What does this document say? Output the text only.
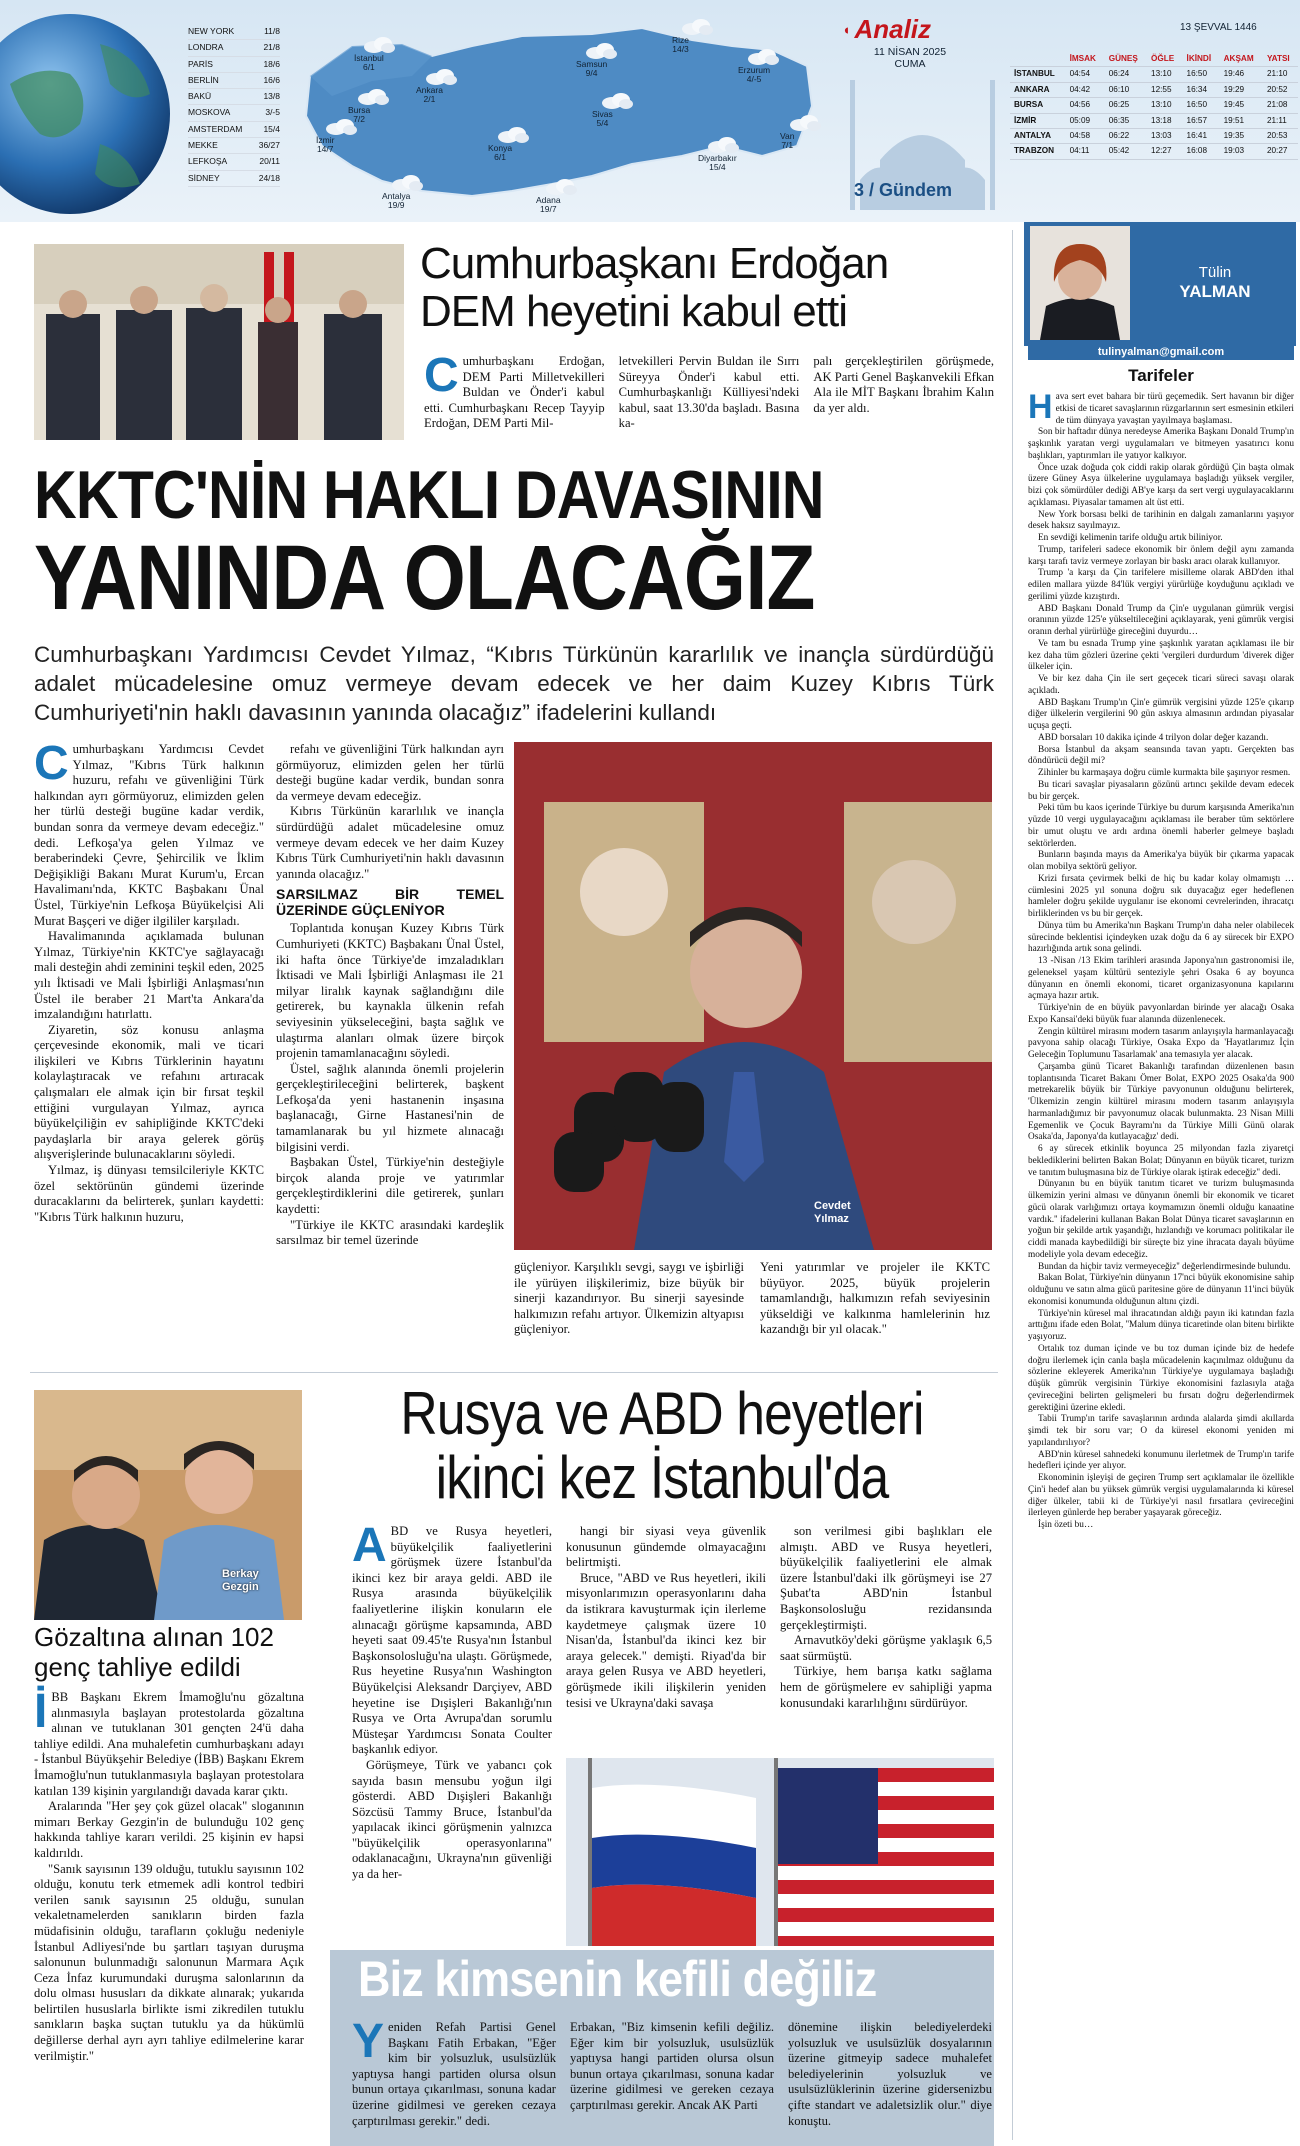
NEW YORK	11/8
LONDRA	21/8
PARİS	18/6
BERLİN	16/6
BAKÜ	13/8
MOSKOVA	3/-5
AMSTERDAM 15/4
MEKKE	36/27
LEFKOŞA	20/11
SİDNEY	24/18
İstanbul
6/1
Ankara
2/1
Bursa
7/2
İzmir
14/7
Antalya
19/9
Konya
6/1
Adana
19/7
Samsun
9/4
Sivas
5/4
Rize
14/3
Erzurum
4/-5
Van
7/1
Diyarbakır
15/4
◖ Analiz
11 NİSAN 2025
CUMA
13 ŞEVVAL 1446
3 / Gündem
	İMSAK	GÜNEŞ	ÖĞLE	İKİNDİ	AKŞAM	YATSI
İSTANBUL	04:54	06:24	13:10	16:50	19:46	21:10
ANKARA	04:42	06:10	12:55	16:34	19:29	20:52
BURSA	04:56	06:25	13:10	16:50	19:45	21:08
İZMİR	05:09	06:35	13:18	16:57	19:51	21:11
ANTALYA	04:58	06:22	13:03	16:41	19:35	20:53
TRABZON	04:11	05:42	12:27	16:08	19:03	20:27
Cumhurbaşkanı Erdoğan
DEM heyetini kabul etti
Cumhurbaşkanı Erdoğan, DEM Parti Milletvekilleri Buldan ve Önder'i kabul etti. Cumhurbaşkanı Recep Tayyip Erdoğan, DEM Parti Mil-
letvekilleri Pervin Buldan ile Sırrı Süreyya Önder'i kabul etti. Cumhurbaşkanlığı Külliyesi'ndeki kabul, saat 13.30'da başladı. Basına ka-
palı gerçekleştirilen görüşmede, AK Parti Genel Başkanvekili Efkan Ala ile MİT Başkanı İbrahim Kalın da yer aldı.
KKTC'NİN HAKLI DAVASININ
YANINDA OLACAĞIZ
Cumhurbaşkanı Yardımcısı Cevdet Yılmaz, “Kıbrıs Türkünün kararlılık ve inançla sürdürdüğü adalet mücadelesine omuz vermeye devam edecek ve her daim Kuzey Kıbrıs Türk Cumhuriyeti'nin haklı davasının yanında olacağız” ifadelerini kullandı

Cumhurbaşkanı Yardımcısı Cevdet Yılmaz, "Kıbrıs Türk halkının huzuru, refahı ve güvenliğini Türk halkından ayrı görmüyoruz, elimizden gelen her türlü desteği bugüne kadar verdik, bundan sonra da vermeye devam edeceğiz." dedi. Lefkoşa'ya gelen Yılmaz ve beraberindeki Çevre, Şehircilik ve İklim Değişikliği Bakanı Murat Kurum'u, Ercan Havalimanı'nda, KKTC Başbakanı Ünal Üstel, Türkiye'nin Lefkoşa Büyükelçisi Ali Murat Başçeri ve diğer ilgililer karşıladı.

Havalimanında açıklamada bulunan Yılmaz, Türkiye'nin KKTC'ye sağlayacağı mali desteğin ahdi zeminini teşkil eden, 2025 yılı İktisadi ve Mali İşbirliği Anlaşması'nın Üstel ile beraber 21 Mart'ta Ankara'da imzalandığını hatırlattı.

Ziyaretin, söz konusu anlaşma çerçevesinde ekonomik, mali ve ticari ilişkileri ve Kıbrıs Türklerinin hayatını kolaylaştıracak ve refahını artıracak çalışmaları ele almak için bir fırsat teşkil ettiğini vurgulayan Yılmaz, ayrıca büyükelçiliğin ev sahipliğinde KKTC'deki paydaşlarla bir araya gelerek görüş alışverişlerinde bulunacaklarını söyledi.

Yılmaz, iş dünyası temsilcileriyle KKTC özel sektörünün gündemi üzerinde duracaklarını da belirterek, şunları kaydetti: "Kıbrıs Türk halkının huzuru,

refahı ve güvenliğini Türk halkından ayrı görmüyoruz, elimizden gelen her türlü desteği bugüne kadar verdik, bundan sonra da vermeye devam edeceğiz.

Kıbrıs Türkünün kararlılık ve inançla sürdürdüğü adalet mücadelesine omuz vermeye devam edecek ve her daim Kuzey Kıbrıs Türk Cumhuriyeti'nin haklı davasının yanında olacağız."

SARSILMAZ BİR TEMEL ÜZERİNDE GÜÇLENİYOR

Toplantıda konuşan Kuzey Kıbrıs Türk Cumhuriyeti (KKTC) Başbakanı Ünal Üstel, iki hafta önce Türkiye'de imzaladıkları İktisadi ve Mali İşbirliği Anlaşması ile 21 milyar liralık kaynak sağlandığını dile getirerek, bu kaynakla ülkenin refah seviyesinin yükseleceğini, başta sağlık ve ulaştırma alanları olmak üzere birçok projenin tamamlanacağını söyledi.

Üstel, sağlık alanında önemli projelerin gerçekleştirileceğini belirterek, başkent Lefkoşa'da yeni hastanenin inşasına başlanacağı, Girne Hastanesi'nin de tamamlanarak bu yıl hizmete alınacağı bilgisini verdi.

Başbakan Üstel, Türkiye'nin desteğiyle birçok alanda proje ve yatırımlar gerçekleştirdiklerini dile getirerek, şunları kaydetti:

"Türkiye ile KKTC arasındaki kardeşlik sarsılmaz bir temel üzerinde

Cevdet
Yılmaz
güçleniyor. Karşılıklı sevgi, saygı ve işbirliği ile yürüyen ilişkilerimiz, bize büyük bir sinerji kazandırıyor. Bu sinerji sayesinde halkımızın refahı artıyor. Ülkemizin altyapısı güçleniyor.
Yeni yatırımlar ve projeler ile KKTC büyüyor. 2025, büyük projelerin tamamlandığı, halkımızın refah seviyesinin yükseldiği ve kalkınma hamlelerinin hız kazandığı bir yıl olacak."
Berkay
Gezgin
Gözaltına alınan 102
genç tahliye edildi

İBB Başkanı Ekrem İmamoğlu'nu gözaltına alınmasıyla başlayan protestolarda gözaltına alınan ve tutuklanan 301 gençten 24'ü daha tahliye edildi. Ana muhalefetin cumhurbaşkanı adayı - İstanbul Büyükşehir Belediye (İBB) Başkanı Ekrem İmamoğlu'nun tutuklanmasıyla başlayan protestolara katılan 139 kişinin yargılandığı davada karar çıktı.

Aralarında "Her şey çok güzel olacak" sloganının mimarı Berkay Gezgin'in de bulunduğu 102 genç hakkında tahliye kararı verildi. 25 kişinin ev hapsi kaldırıldı.

"Sanık sayısının 139 olduğu, tutuklu sayısının 102 olduğu, konutu terk etmemek adli kontrol tedbiri verilen sanık sayısının 25 olduğu, sunulan vekaletnamelerden sanıkların birden fazla müdafisinin olduğu, tarafların çokluğu nedeniyle İstanbul Adliyesi'nde bu şartları taşıyan duruşma salonunun bulunmadığı salonunun Marmara Açık Ceza İnfaz kurumundaki duruşma salonlarının da dolu olması hususları da dikkate alınarak; yukarıda belirtilen hususlarla birlikte ismi zikredilen tutuklu sanıkların başka suçtan tutuklu ya da hükümlü değillerse derhal ayrı ayrı tahliye edilmelerine karar verilmiştir."

Rusya ve ABD heyetleri
ikinci kez İstanbul'da
ABD ve Rusya heyetleri, büyükelçilik faaliyetlerini görüşmek üzere İstanbul'da ikinci kez bir araya geldi. ABD ile Rusya arasında büyükelçilik faaliyetlerine ilişkin konuların ele alınacağı görüşme kapsamında, ABD heyeti saat 09.45'te Rusya'nın İstanbul Başkonsolosluğu'na ulaştı. Görüşmede, Rus heyetine Rusya'nın Washington Büyükelçisi Aleksandr Darçiyev, ABD heyetine ise Dışişleri Bakanlığı'nın Rusya ve Orta Avrupa'dan sorumlu Müsteşar Yardımcısı Sonata Coulter başkanlık ediyor.

Görüşmeye, Türk ve yabancı çok sayıda basın mensubu yoğun ilgi gösterdi. ABD Dışişleri Bakanlığı Sözcüsü Tammy Bruce, İstanbul'da yapılacak ikinci görüşmenin yalnızca "büyükelçilik operasyonlarına" odaklanacağını, Ukrayna'nın güvenliği ya da her-

hangi bir siyasi veya güvenlik konusunun gündemde olmayacağını belirtmişti.

Bruce, "ABD ve Rus heyetleri, ikili misyonlarımızın operasyonlarını daha da istikrara kavuşturmak için ilerleme kaydetmeye çalışmak üzere 10 Nisan'da, İstanbul'da ikinci kez bir araya gelecek." demişti. Riyad'da bir araya gelen Rusya ve ABD heyetleri, görüşmede ikili ilişkilerin yeniden tesisi ve Ukrayna'daki savaşa

son verilmesi gibi başlıkları ele almıştı. ABD ve Rusya heyetleri, büyükelçilik faaliyetlerini ele almak üzere İstanbul'daki ilk görüşmeyi ise 27 Şubat'ta ABD'nin İstanbul Başkonsolosluğu rezidansında gerçekleştirmişti.

Arnavutköy'deki görüşme yaklaşık 6,5 saat sürmüştü.

Türkiye, hem barışa katkı sağlama hem de görüşmelere ev sahipliği yapma konusundaki kararlılığını sürdürüyor.

Biz kimsenin kefili değiliz
Yeniden Refah Partisi Genel Başkanı Fatih Erbakan, "Eğer kim bir yolsuzluk, usulsüzlük yaptıysa hangi partiden olursa olsun bunun ortaya çıkarılması, sonuna kadar üzerine gidilmesi ve gereken cezaya çarptırılması gerekir." dedi.
Erbakan, "Biz kimsenin kefili değiliz. Eğer kim bir yolsuzluk, usulsüzlük yaptıysa hangi partiden olursa olsun bunun ortaya çıkarılması, sonuna kadar üzerine gidilmesi ve gereken cezaya çarptırılması gerekir. Ancak AK Parti
dönemine ilişkin belediyelerdeki yolsuzluk ve usulsüzlük dosyalarının üzerine gitmeyip sadece muhalefet belediyelerinin yolsuzluk ve usulsüzlüklerinin üzerine gidersenizbu çifte standart ve adaletsizlik olur." diye konuştu.
Tülin
YALMAN
tulinyalman@gmail.com
Tarifeler

Hava sert evet bahara bir türü geçemedik. Sert havanın bir diğer etkisi de ticaret savaşlarının rüzgarlarının sert esmesinin etkileri de tüm dünyaya yavaştan yayılmaya başlaması.

Son bir haftadır dünya neredeyse Amerika Başkanı Donald Trump'ın şaşkınlık yaratan vergi uygulamaları ve bitmeyen yasatırıcı konu başlıkları, yaptırımları ile yatıyor kalkıyor.

Önce uzak doğuda çok ciddi rakip olarak gördüğü Çin başta olmak üzere Güney Asya ülkelerine uygulamaya başladığı yüksek vergiler, bizi çok sömürdüler dediği AB'ye karşı da sert vergi uygulayacaklarını açıklaması. Piyasalar tamamen alt üst etti.

New York borsası belki de tarihinin en dalgalı zamanlarını yaşıyor desek haksız sayılmayız.

En sevdiği kelimenin tarife olduğu artık biliniyor.

Trump, tarifeleri sadece ekonomik bir önlem değil aynı zamanda karşı tarafı taviz vermeye zorlayan bir baskı aracı olarak kullanıyor.

Trump 'a karşı da Çin tarifelere misilleme olarak ABD'den ithal edilen mallara yüzde 84'lük vergiyi yürürlüğe koyduğunu açıkladı ve gerilimi yüzde kızıştırdı.

ABD Başkanı Donald Trump da Çin'e uygulanan gümrük vergisi oranının yüzde 125'e yükseltileceğini açıklayarak, yeni gümrük vergisi oranın derhal yürürlüğe gireceğini duyurdu…

Ve tam bu esnada Trump yine şaşkınlık yaratan açıklaması ile bir kez daha tüm gözleri üzerine çekti 'vergileri durdurdum 'diverek diğer ülkeler için.

Ve bir kez daha Çin ile sert geçecek ticari süreci savaşı olarak açıkladı.

ABD Başkanı Trump'ın Çin'e gümrük vergisini yüzde 125'e çıkarıp diğer ülkelerin vergilerini 90 gün askıya almasının ardından piyasalar uçuşa geçti.

ABD borsaları 10 dakika içinde 4 trilyon dolar değer kazandı.

Borsa İstanbul da akşam seansında tavan yaptı. Gerçekten bas döndürücü değil mi?

Zihinler bu karmaşaya doğru cümle kurmakta bile şaşırıyor resmen.

Bu ticari savaşlar piyasaların gözünü artıncı şekilde devam edecek bu bir gerçek.

Peki tüm bu kaos içerinde Türkiye bu durum karşısında Amerika'nın yüzde 10 vergi uygulayacağını açıklaması ile beraber tüm sektörlere bir umut oluştu ve ardı ardına önemli haberler gelmeye başladı sektörlerden.

Bunların başında mayıs da Amerika'ya büyük bir çıkarma yapacak olan mobilya sektörü geliyor.

Krizi fırsata çevirmek belki de hiç bu kadar kolay olmamıştı … cümlesini 2025 yıl sonuna doğru sık duyacağız eger hedeflenen hamleler doğru şekilde uygulanır ise ekonomi cevrelerinden, ihracatçı birliklerinden vs bu bir gerçek.

Dünya tüm bu Amerika'nın Başkanı Trump'ın daha neler olabilecek sürecinde beklentisi içindeyken uzak doğu da 6 ay sürecek bir EXPO hazırlığında artık sona gelindi.

13 -Nisan /13 Ekim tarihleri arasında Japonya'nın gastronomisi ile, geleneksel yaşam kültürü senteziyle şehri Osaka 6 ay boyunca dünyanın en önemli ekonomi, ticaret organizasyonuna kapılarını açmaya hazır artık.

Türkiye'nin de en büyük pavyonlardan birinde yer alacağı Osaka Expo Kansai'deki büyük fuar alanında düzenlenecek.

Zengin kültürel mirasını modern tasarım anlayışıyla harmanlayacağı pavyona sahip olacağı Türkiye, Osaka Expo da 'Hayatlarımız İçin Geleceğin Toplumunu Tasarlamak' ana temasıyla yer alacak.

Çarşamba günü Ticaret Bakanlığı tarafından düzenlenen basın toplantısında Ticaret Bakanı Ömer Bolat, EXPO 2025 Osaka'da 900 metrekarelik büyük bir Türkiye pavyonunun olduğunu belirterek, 'Ülkemizin zengin kültürel mirasını modern tasarım anlayışıyla harmanladığımız bir pavyonumuz olacak bulunmakta. 23 Nisan Milli Egemenlik ve Çocuk Bayramı'nı da Türkiye Milli Günü olarak Osaka'da, Japonya'da kutlayacağız' dedi.

6 ay sürecek etkinlik boyunca 25 milyondan fazla ziyaretçi beklediklerini belirten Bakan Bolat; Dünyanın en büyük ticaret, turizm ve tanıtım buluşmasına biz de Türkiye olarak iştirak edeceğiz'' dedi.

Dünyanın bu en büyük tanıtım ticaret ve turizm buluşmasında ülkemizin yerini alması ve dünyanın önemli bir ekonomik ve ticaret gücü olarak varlığımızı ortaya koymamızın önemli olduğu kanaatine vardık.'' ifadelerini kullanan Bakan Bolat Dünya ticaret savaşlarının en yoğun bir şekilde artık yaşandığı, hızlandığı ve korumacı politikalar ile ciddi manada kaybedildiği bir süreçte biz yine ihracata dayalı büyüme modeliyle yola devam edeceğiz.

Bundan da hiçbir taviz vermeyeceğiz'' değerlendirmesinde bulundu.

Bakan Bolat, Türkiye'nin dünyanın 17'nci büyük ekonomisine sahip olduğunu ve satın alma gücü paritesine göre de dünyanın 11'inci büyük ekonomisi konumunda olduğunun altını çizdi.

Türkiye'nin küresel mal ihracatından aldığı payın iki katından fazla arttığını ifade eden Bolat, ''Malum dünya ticaretinde olan bitenı birlikte yaşıyoruz.

Ortalık toz duman içinde ve bu toz duman içinde biz de hedefe doğru ilerlemek için canla başla mücadelenin kaçınılmaz olduğunu da sözlerine ekleyerek Amerika'nın Türkiye'ye uygulamaya başladığı düşük gümrük vergisinin Türkiye ekonomisini fazlasıyla atağa çevireceğini belirten gelişmeleri bu fırsatı doğru değerlendirmek gerektiğini üzerine ekledi.

Tabii Trump'ın tarife savaşlarının ardında alalarda şimdi akıllarda şimdi tek bir soru var; O da küresel ekonomi yeniden mi yapılandırılıyor?

ABD'nin küresel sahnedeki konumunu ilerletmek de Trump'ın tarife hedefleri içinde yer alıyor.

Ekonominin işleyişi de geçiren Trump sert açıklamalar ile özellikle Çin'i hedef alan bu yüksek gümrük vergisi uygulamalarında ki küresel diğer ülkeler, tabii ki de Türkiye'yi nasıl fırsatlara çevireceğini ilerleyen günlerde hep beraber yaşayarak göreceğiz.

İşin özeti bu…
